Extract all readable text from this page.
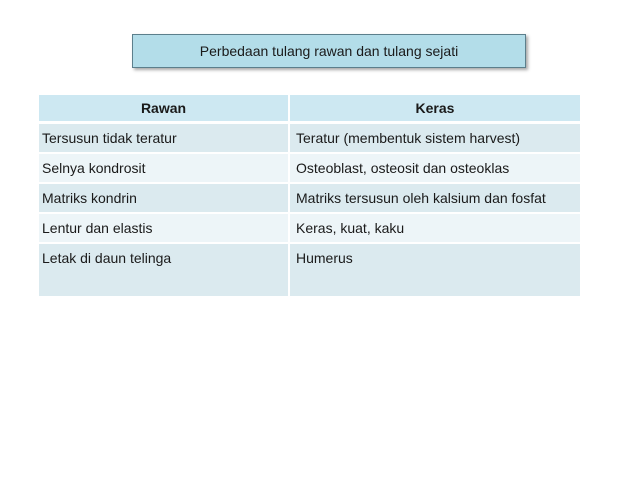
Perbedaan tulang rawan dan tulang sejati
Rawan	Keras
Tersusun tidak teratur	Teratur (membentuk sistem harvest)
Selnya kondrosit	Osteoblast, osteosit dan osteoklas
Matriks kondrin	Matriks tersusun oleh kalsium dan fosfat
Lentur dan elastis	Keras, kuat, kaku
Letak di daun telinga	Humerus
